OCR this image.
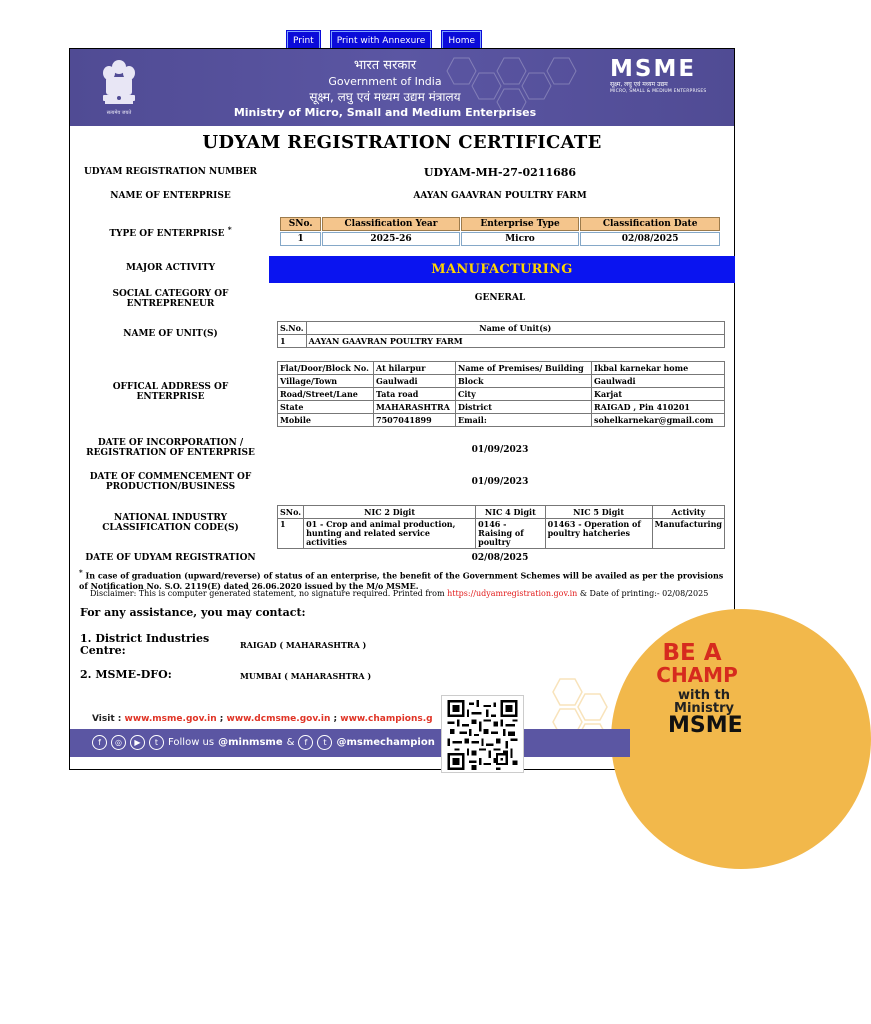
Print	Print with Annexure	Home
सत्यमेव जयते
भारत सरकार
Government of India
सूक्ष्म, लघु एवं मध्यम उद्यम मंत्रालय
Ministry of Micro, Small and Medium Enterprises
MSME
सूक्ष्म, लघु एवं मध्यम उद्यम
MICRO, SMALL & MEDIUM ENTERPRISES
UDYAM REGISTRATION CERTIFICATE
UDYAM REGISTRATION NUMBER	UDYAM-MH-27-0211686
NAME OF ENTERPRISE	AAYAN GAAVRAN POULTRY FARM
TYPE OF ENTERPRISE *
SNo.	Classification Year	Enterprise Type	Classification Date
1	2025-26	Micro	02/08/2025
MAJOR ACTIVITY	MANUFACTURING
SOCIAL CATEGORY OF ENTREPRENEUR
GENERAL
NAME OF UNIT(S)
S.No.	Name of Unit(s)
1	AAYAN GAAVRAN POULTRY FARM
OFFICAL ADDRESS OF ENTERPRISE
Flat/Door/Block No.	At hilarpur	Name of Premises/ Building	Ikbal karnekar home
Village/Town	Gaulwadi	Block	Gaulwadi
Road/Street/Lane	Tata road	City	Karjat
State	MAHARASHTRA	District	RAIGAD , Pin 410201
Mobile	7507041899	Email:	sohelkarnekar@gmail.com
DATE OF INCORPORATION / REGISTRATION OF ENTERPRISE	01/09/2023
DATE OF COMMENCEMENT OF PRODUCTION/BUSINESS	01/09/2023
NATIONAL INDUSTRY CLASSIFICATION CODE(S)
SNo.	NIC 2 Digit	NIC 4 Digit	NIC 5 Digit	Activity
1	01 - Crop and animal production, hunting and related service activities	0146 - Raising of poultry	01463 - Operation of poultry hatcheries	Manufacturing
DATE OF UDYAM REGISTRATION	02/08/2025
* In case of graduation (upward/reverse) of status of an enterprise, the benefit of the Government Schemes will be availed as per the provisions of Notification No. S.O. 2119(E) dated 26.06.2020 issued by the M/o MSME.
Disclaimer: This is computer generated statement, no signature required. Printed from https://udyamregistration.gov.in & Date of printing:- 02/08/2025
For any assistance, you may contact:
1. District Industries Centre:	RAIGAD ( MAHARASHTRA )
2. MSME-DFO:	MUMBAI ( MAHARASHTRA )
BE A
CHAMP
with th
Ministry
MSME
Visit : www.msme.gov.in ; www.dcmsme.gov.in ; www.champions.g
f	◎	▶	t Follow us @minmsme &	f	t @msmechampion
